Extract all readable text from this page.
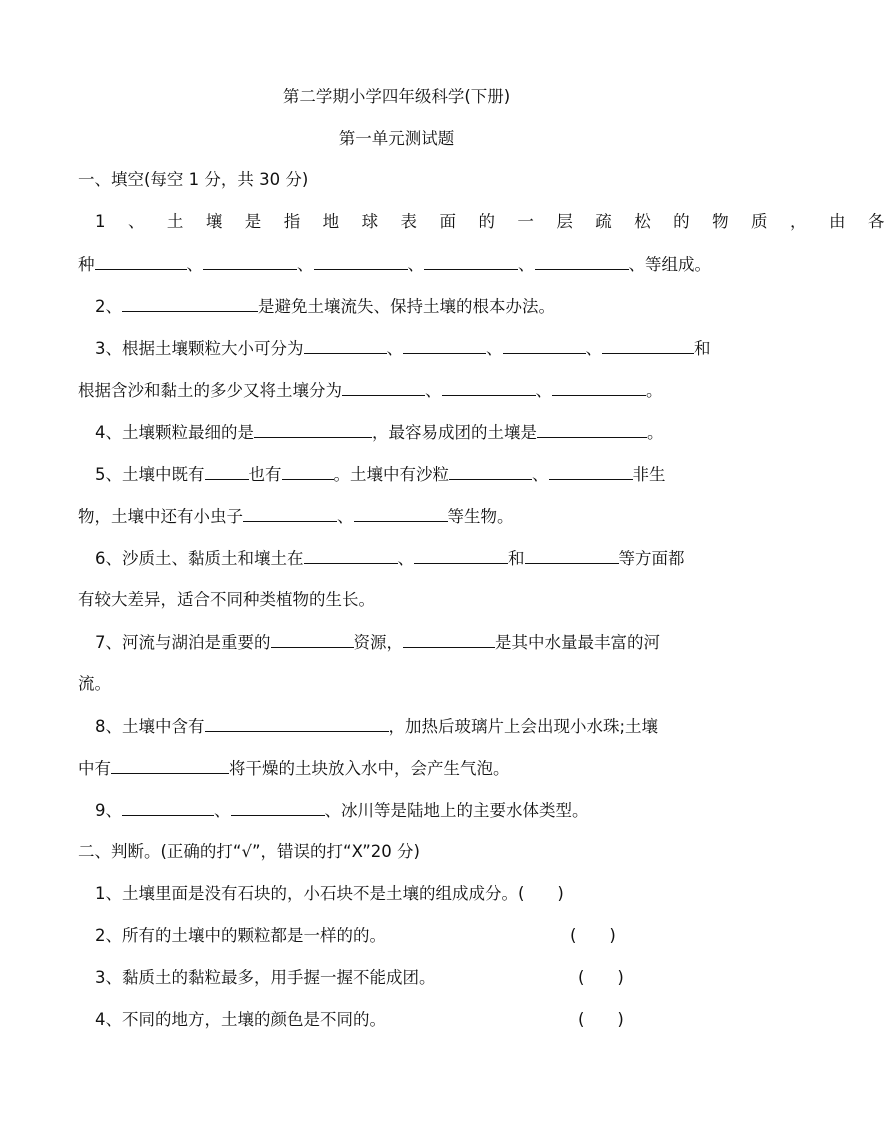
第二学期小学四年级科学(下册)
第一单元测试题
一、填空(每空 1 分，共 30 分)
1 、 土 壤 是 指 地 球 表 面 的 一 层 疏 松 的 物 质 ， 由 各
种	、	、	、	、	、等组成。
2、	是避免土壤流失、保持土壤的根本办法。
3、根据土壤颗粒大小可分为	、	、	、	和
根据含沙和黏土的多少又将土壤分为	、	、	。
4、土壤颗粒最细的是	，最容易成团的土壤是	。
5、土壤中既有	也有	。土壤中有沙粒	、	非生
物，土壤中还有小虫子	、	等生物。
6、沙质土、黏质土和壤土在	、	和	等方面都
有较大差异，适合不同种类植物的生长。
7、河流与湖泊是重要的	资源，	是其中水量最丰富的河
流。
8、土壤中含有	，加热后玻璃片上会出现小水珠;土壤
中有	将干燥的土块放入水中，会产生气泡。
9、	、	、冰川等是陆地上的主要水体类型。
二、判断。(正确的打“√”，错误的打“X”20 分)
1、土壤里面是没有石块的，小石块不是土壤的组成成分。(　　)
2、所有的土壤中的颗粒都是一样的的。	(　　)
3、黏质土的黏粒最多，用手握一握不能成团。	(　　)
4、不同的地方，土壤的颜色是不同的。	(　　)
